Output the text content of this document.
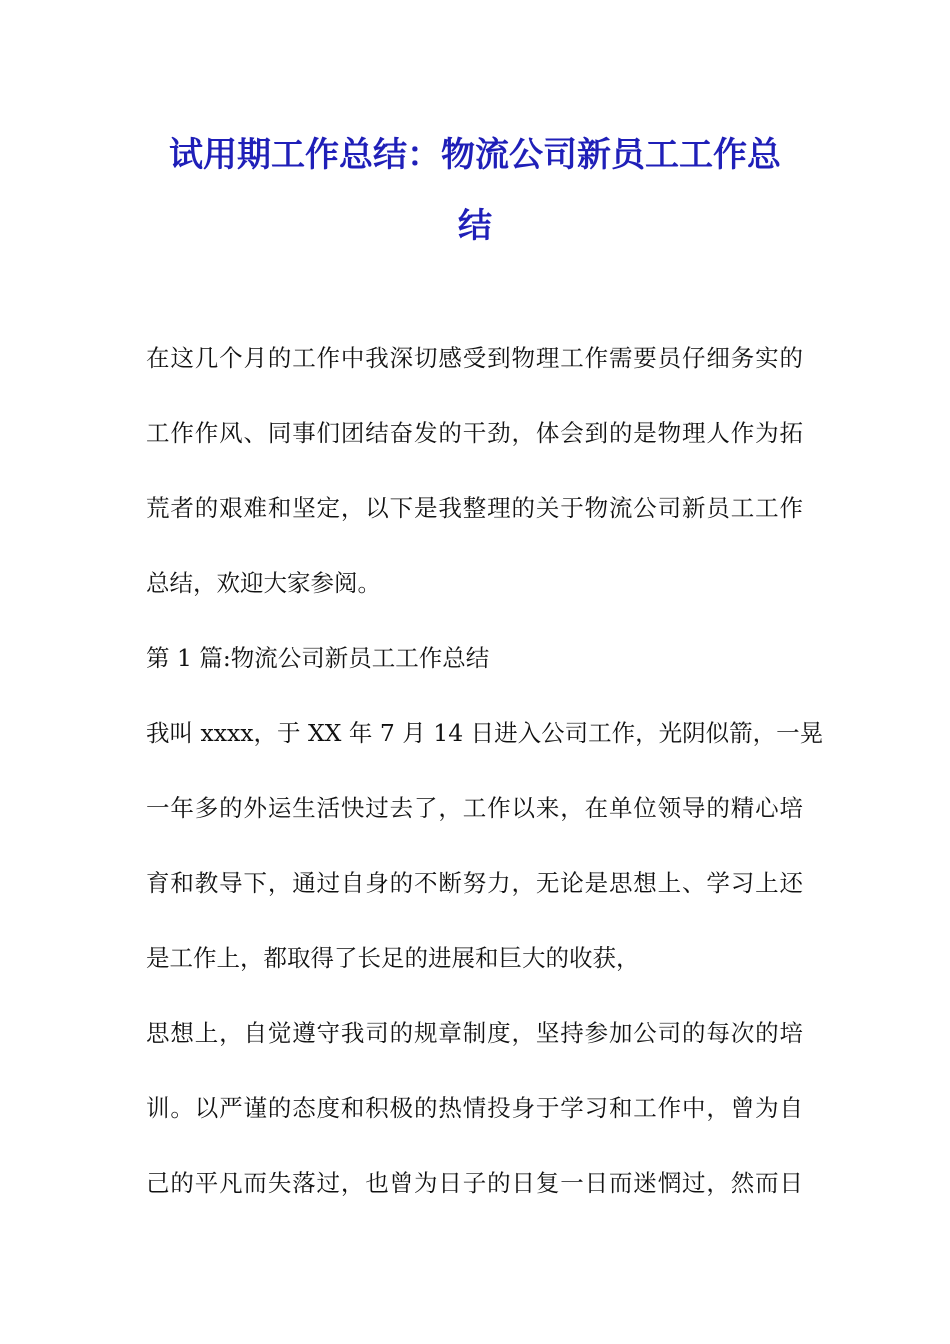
试用期工作总结：物流公司新员工工作总
结
在这几个月的工作中我深切感受到物理工作需要员仔细务实的
工作作风、同事们团结奋发的干劲，体会到的是物理人作为拓
荒者的艰难和坚定，以下是我整理的关于物流公司新员工工作
总结，欢迎大家参阅。
第 1 篇:物流公司新员工工作总结
我叫 xxxx，于 XX 年 7 月 14 日进入公司工作，光阴似箭，一晃
一年多的外运生活快过去了，工作以来，在单位领导的精心培
育和教导下，通过自身的不断努力，无论是思想上、学习上还
是工作上，都取得了长足的进展和巨大的收获，
思想上，自觉遵守我司的规章制度，坚持参加公司的每次的培
训。以严谨的态度和积极的热情投身于学习和工作中，曾为自
己的平凡而失落过，也曾为日子的日复一日而迷惘过，然而日
